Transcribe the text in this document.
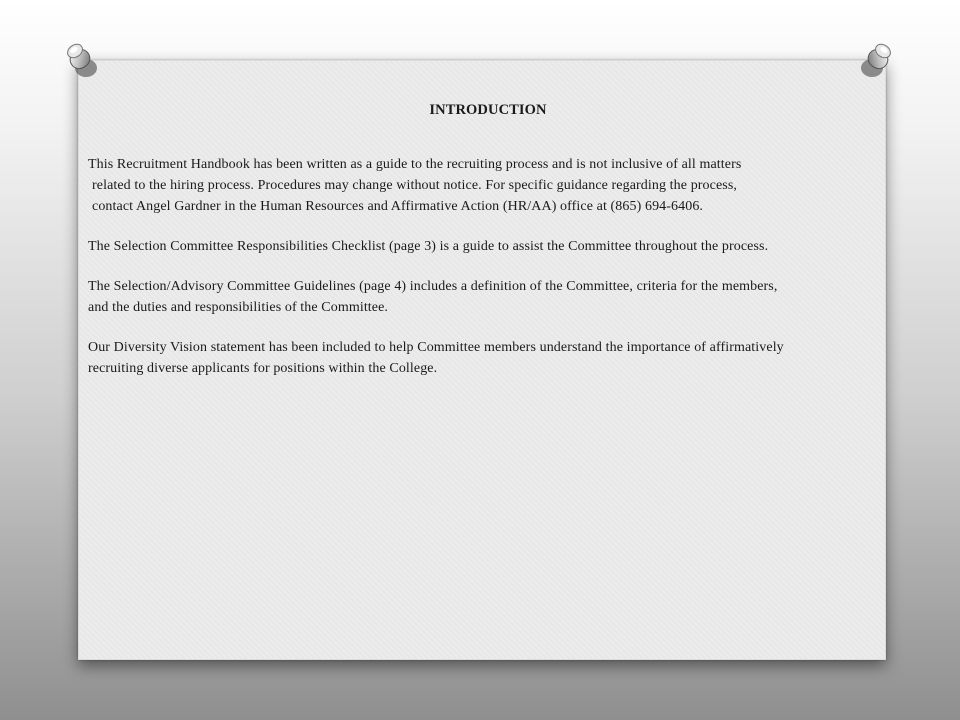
INTRODUCTION

This Recruitment Handbook has been written as a guide to the recruiting process and is not inclusive of all matters
related to the hiring process. Procedures may change without notice. For specific guidance regarding the process,
contact Angel Gardner in the Human Resources and Affirmative Action (HR/AA) office at (865) 694-6406.

The Selection Committee Responsibilities Checklist (page 3) is a guide to assist the Committee throughout the process.

The Selection/Advisory Committee Guidelines (page 4) includes a definition of the Committee, criteria for the members,
and the duties and responsibilities of the Committee.

Our Diversity Vision statement has been included to help Committee members understand the importance of affirmatively
recruiting diverse applicants for positions within the College.
